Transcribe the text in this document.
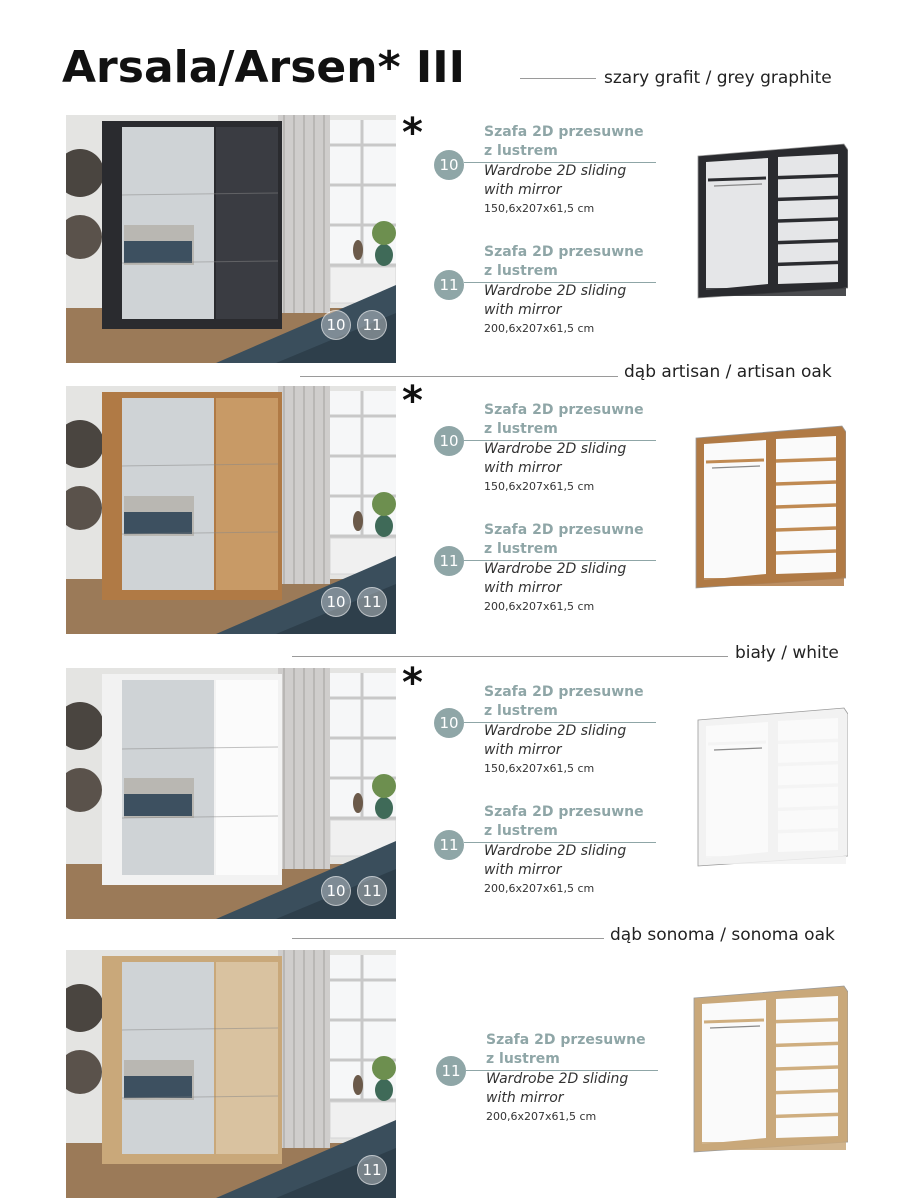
Arsala/Arsen* III	szary grafit / grey graphite
10	11
*	Szafa 2D przesuwne
z lustrem
10	Wardrobe 2D sliding
with mirror
150,6x207x61,5 cm
Szafa 2D przesuwne
z lustrem
11	Wardrobe 2D sliding
with mirror
200,6x207x61,5 cm
dąb artisan / artisan oak
10	11
*	Szafa 2D przesuwne
z lustrem
10	Wardrobe 2D sliding
with mirror
150,6x207x61,5 cm
Szafa 2D przesuwne
z lustrem
11	Wardrobe 2D sliding
with mirror
200,6x207x61,5 cm
biały / white
10	11
*	Szafa 2D przesuwne
z lustrem
10	Wardrobe 2D sliding
with mirror
150,6x207x61,5 cm
Szafa 2D przesuwne
z lustrem
11	Wardrobe 2D sliding
with mirror
200,6x207x61,5 cm
dąb sonoma / sonoma oak
11
Szafa 2D przesuwne
z lustrem
11	Wardrobe 2D sliding
with mirror
200,6x207x61,5 cm
